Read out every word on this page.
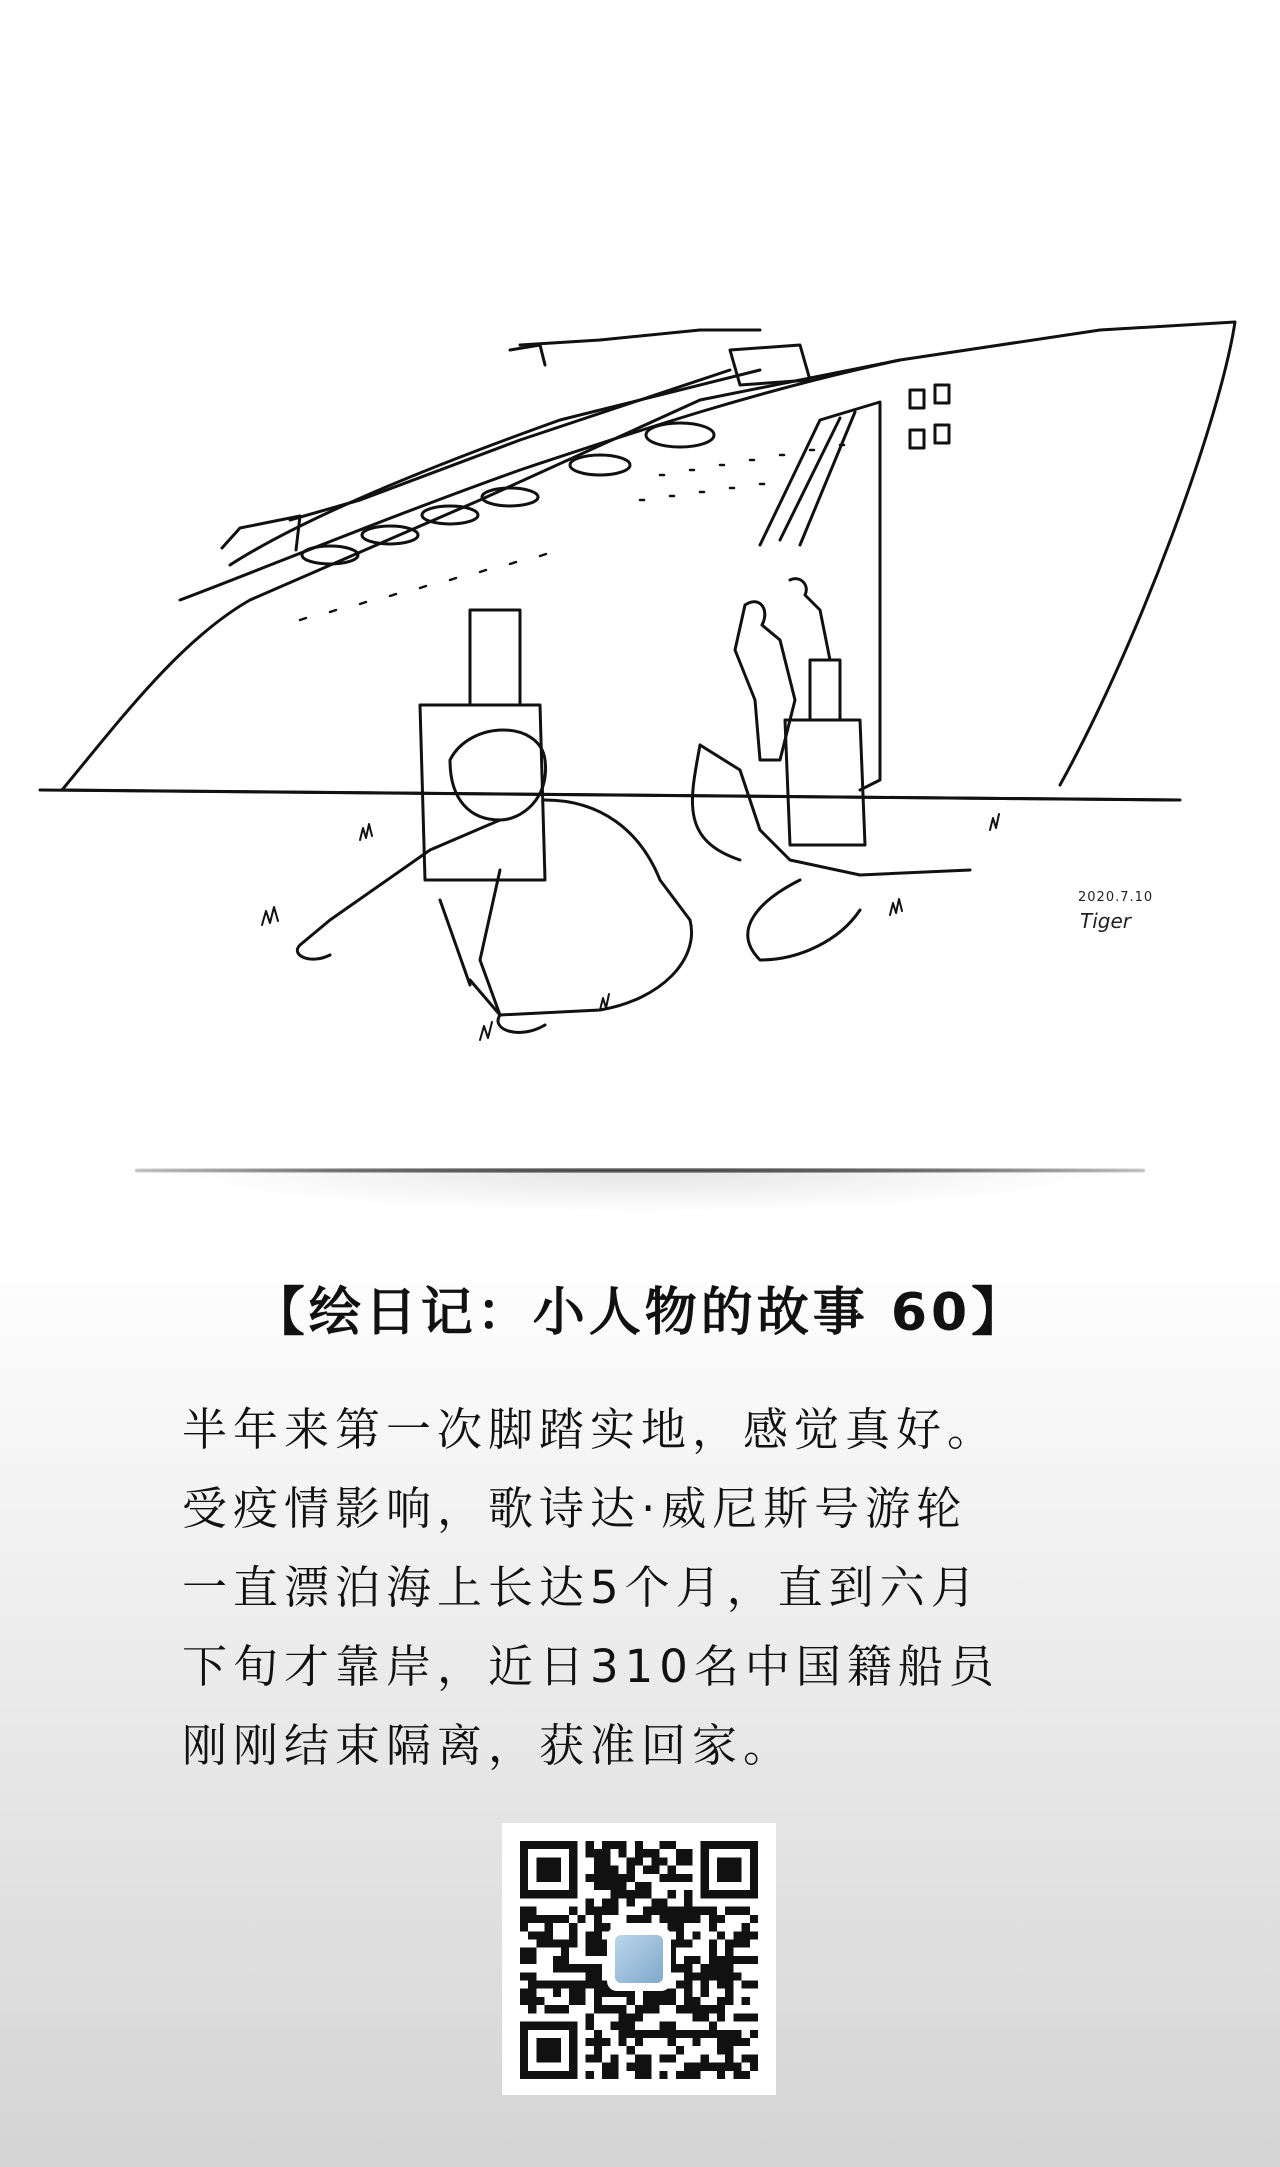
2020.7.10
Tiger
【绘日记：小人物的故事 60】
半年来第一次脚踏实地，感觉真好。
受疫情影响，歌诗达·威尼斯号游轮
一直漂泊海上长达5个月，直到六月
下旬才靠岸，近日310名中国籍船员
刚刚结束隔离，获准回家。
